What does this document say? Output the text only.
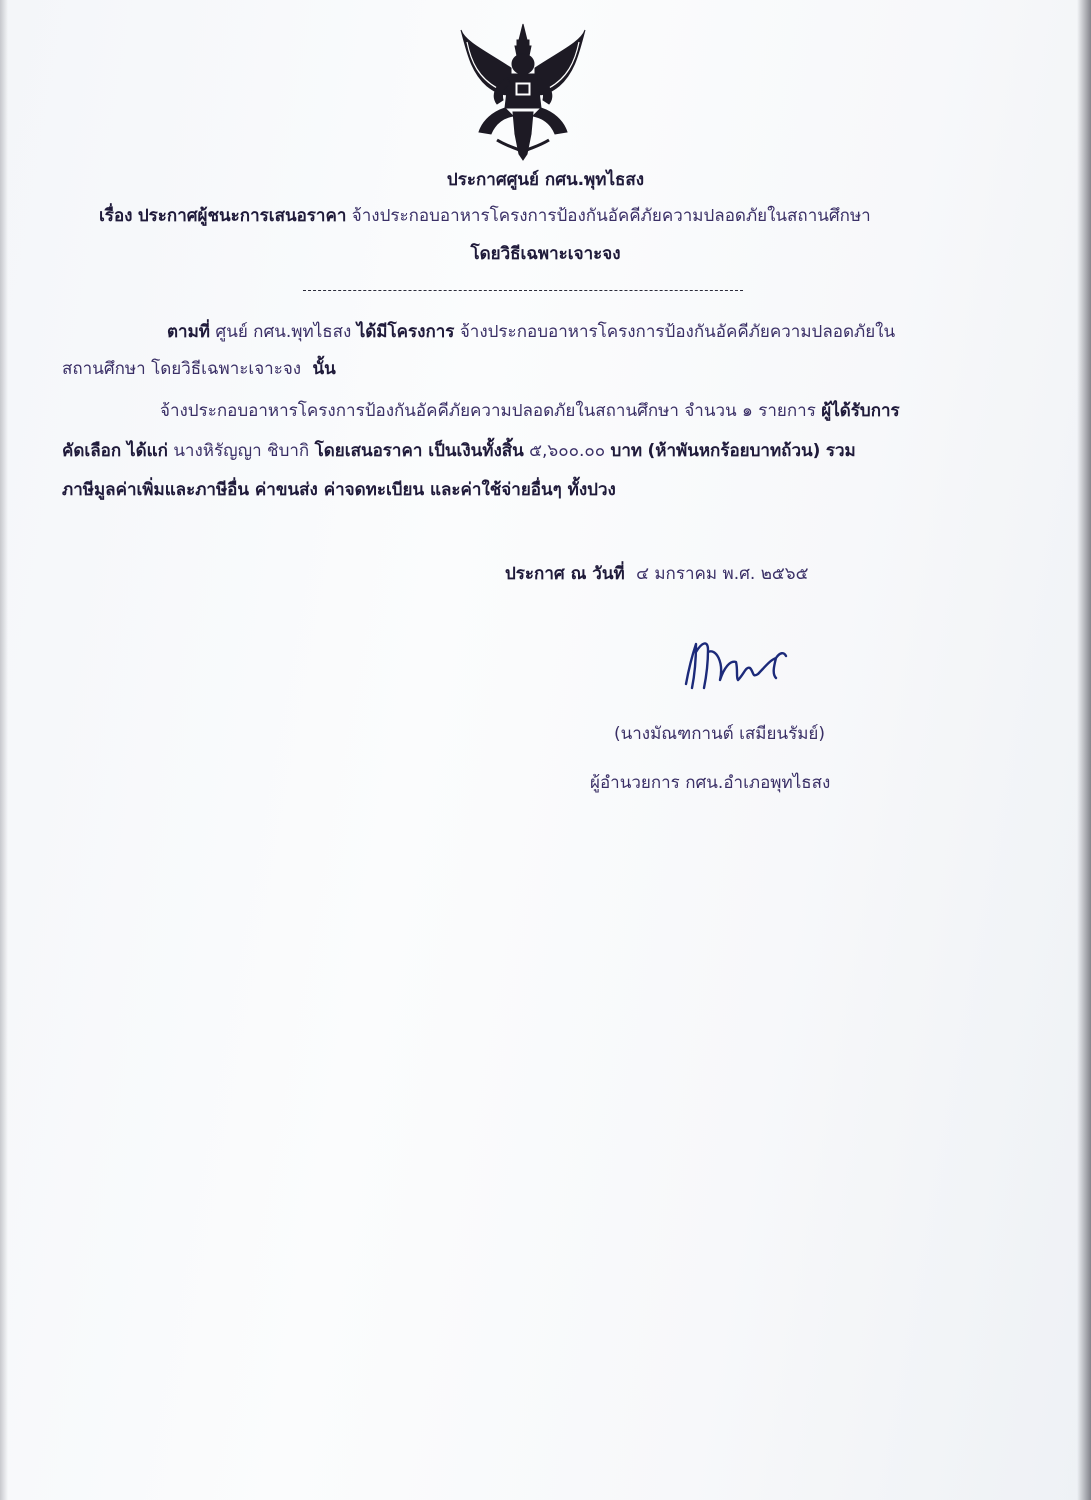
ประกาศศูนย์ กศน.พุทไธสง
เรื่อง ประกาศผู้ชนะการเสนอราคา จ้างประกอบอาหารโครงการป้องกันอัคคีภัยความปลอดภัยในสถานศึกษา
โดยวิธีเฉพาะเจาะจง
ตามที่ ศูนย์ กศน.พุทไธสง ได้มีโครงการ จ้างประกอบอาหารโครงการป้องกันอัคคีภัยความปลอดภัยใน
สถานศึกษา โดยวิธีเฉพาะเจาะจง นั้น
จ้างประกอบอาหารโครงการป้องกันอัคคีภัยความปลอดภัยในสถานศึกษา จำนวน ๑ รายการ ผู้ได้รับการ
คัดเลือก ได้แก่ นางหิรัญญา ชิบากิ โดยเสนอราคา เป็นเงินทั้งสิ้น ๕,๖๐๐.๐๐ บาท (ห้าพันหกร้อยบาทถ้วน) รวม
ภาษีมูลค่าเพิ่มและภาษีอื่น ค่าขนส่ง ค่าจดทะเบียน และค่าใช้จ่ายอื่นๆ ทั้งปวง
ประกาศ ณ วันที่ ๔ มกราคม พ.ศ. ๒๕๖๕
(นางมัณฑกานต์ เสมียนรัมย์)
ผู้อำนวยการ กศน.อำเภอพุทไธสง
